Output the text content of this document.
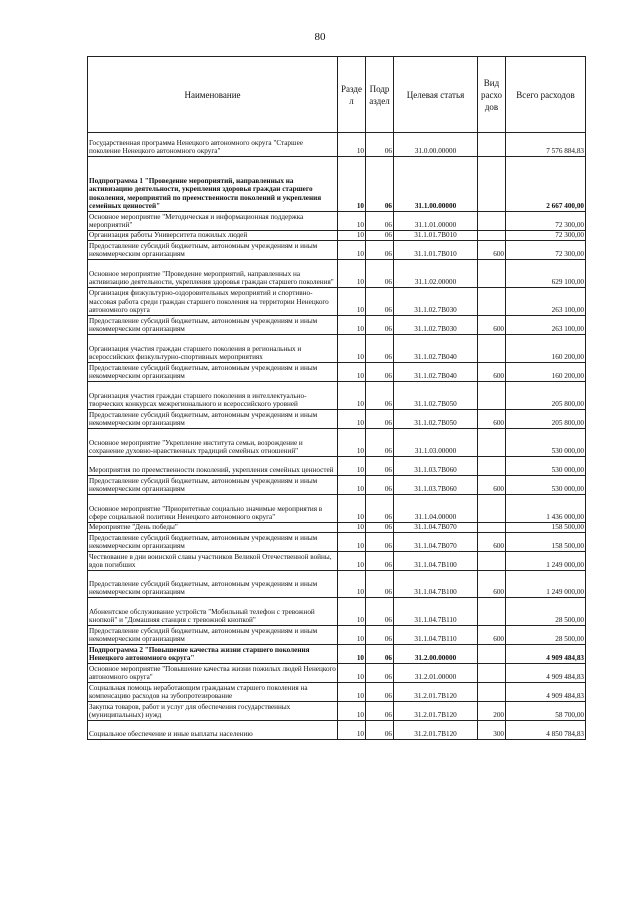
80
Наименование	Разде л	Подр аздел	Целевая статья	Вид расхо дов	Всего расходов
Государственная программа Ненецкого автономного округа "Старшее поколение Ненецкого автономного округа"	10	06	31.0.00.00000		7 576 884,83
Подпрограмма 1 "Проведение мероприятий, направленных на активизацию деятельности, укрепления здоровья граждан старшего поколения, мероприятий по преемственности поколений и укрепления семейных ценностей"	10	06	31.1.00.00000		2 667 400,00
Основное мероприятие "Методическая и информационная поддержка мероприятий"	10	06	31.1.01.00000		72 300,00
Организация работы Университета пожилых людей	10	06	31.1.01.7В010		72 300,00
Предоставление субсидий бюджетным, автономным учреждениям и иным некоммерческим организациям	10	06	31.1.01.7В010	600	72 300,00
Основное мероприятие "Проведение мероприятий, направленных на активизацию деятельности, укрепления здоровья граждан старшего поколения"	10	06	31.1.02.00000		629 100,00
Организация физкультурно-оздоровительных мероприятий и спортивно-массовая работа среди граждан старшего поколения на территории Ненецкого автономного округа	10	06	31.1.02.7В030		263 100,00
Предоставление субсидий бюджетным, автономным учреждениям и иным некоммерческим организациям	10	06	31.1.02.7В030	600	263 100,00
Организация участия граждан старшего поколения в региональных и всероссийских физкультурно-спортивных мероприятиях	10	06	31.1.02.7В040		160 200,00
Предоставление субсидий бюджетным, автономным учреждениям и иным некоммерческим организациям	10	06	31.1.02.7В040	600	160 200,00
Организация участия граждан старшего поколения в интеллектуально-творческих конкурсах межрегионального и всероссийского уровней	10	06	31.1.02.7В050		205 800,00
Предоставление субсидий бюджетным, автономным учреждениям и иным некоммерческим организациям	10	06	31.1.02.7В050	600	205 800,00
Основное мероприятие "Укрепление института семьи, возрождение и сохранение духовно-нравственных традиций семейных отношений"	10	06	31.1.03.00000		530 000,00
Мероприятия по преемственности поколений, укрепления семейных ценностей	10	06	31.1.03.7В060		530 000,00
Предоставление субсидий бюджетным, автономным учреждениям и иным некоммерческим организациям	10	06	31.1.03.7В060	600	530 000,00
Основное мероприятие "Приоритетные социально значимые мероприятия в сфере социальной политики Ненецкого автономного округа"	10	06	31.1.04.00000		1 436 000,00
Мероприятие "День победы"	10	06	31.1.04.7В070		158 500,00
Предоставление субсидий бюджетным, автономным учреждениям и иным некоммерческим организациям	10	06	31.1.04.7В070	600	158 500,00
Чествование в дни воинской славы участников Великой Отечественной войны, вдов погибших	10	06	31.1.04.7В100		1 249 000,00
Предоставление субсидий бюджетным, автономным учреждениям и иным некоммерческим организациям	10	06	31.1.04.7В100	600	1 249 000,00
Абонентское обслуживание устройств "Мобильный телефон с тревожной кнопкой" и "Домашняя станция с тревожной кнопкой"	10	06	31.1.04.7В110		28 500,00
Предоставление субсидий бюджетным, автономным учреждениям и иным некоммерческим организациям	10	06	31.1.04.7В110	600	28 500,00
Подпрограмма 2 "Повышение качества жизни старшего поколения Ненецкого автономного округа"	10	06	31.2.00.00000		4 909 484,83
Основное мероприятие "Повышение качества жизни пожилых людей Ненецкого автономного округа"	10	06	31.2.01.00000		4 909 484,83
Социальная помощь неработающим гражданам старшего поколения на компенсацию расходов на зубопротезирование	10	06	31.2.01.7В120		4 909 484,83
Закупка товаров, работ и услуг для обеспечения государственных (муниципальных) нужд	10	06	31.2.01.7В120	200	58 700,00
Социальное обеспечение и иные выплаты населению	10	06	31.2.01.7В120	300	4 850 784,83
